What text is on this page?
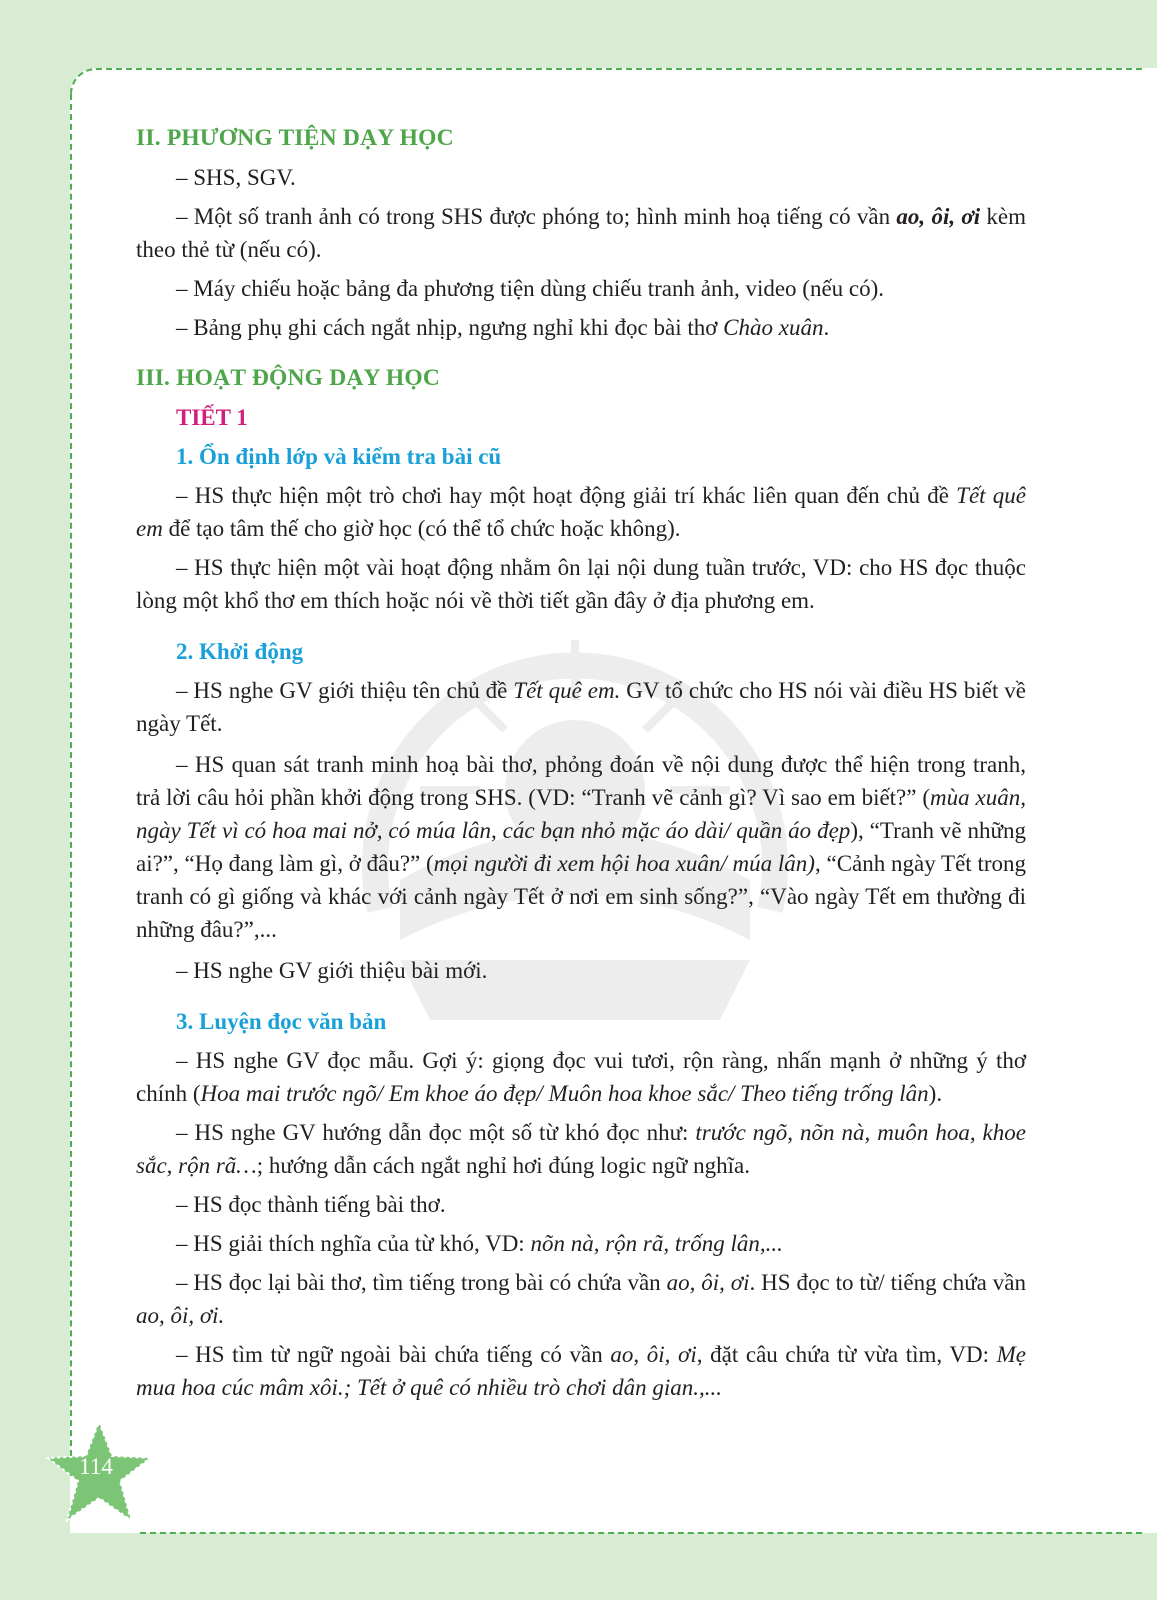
II. PHƯƠNG TIỆN DẠY HỌC

– SHS, SGV.

– Một số tranh ảnh có trong SHS được phóng to; hình minh hoạ tiếng có vần ao, ôi, ơi kèm theo thẻ từ (nếu có).

– Máy chiếu hoặc bảng đa phương tiện dùng chiếu tranh ảnh, video (nếu có).

– Bảng phụ ghi cách ngắt nhịp, ngưng nghỉ khi đọc bài thơ Chào xuân.

III. HOẠT ĐỘNG DẠY HỌC
TIẾT 1
1. Ổn định lớp và kiểm tra bài cũ

– HS thực hiện một trò chơi hay một hoạt động giải trí khác liên quan đến chủ đề Tết quê em để tạo tâm thế cho giờ học (có thể tổ chức hoặc không).

– HS thực hiện một vài hoạt động nhằm ôn lại nội dung tuần trước, VD: cho HS đọc thuộc lòng một khổ thơ em thích hoặc nói về thời tiết gần đây ở địa phương em.

2. Khởi động

– HS nghe GV giới thiệu tên chủ đề Tết quê em. GV tổ chức cho HS nói vài điều HS biết về ngày Tết.

– HS quan sát tranh minh hoạ bài thơ, phỏng đoán về nội dung được thể hiện trong tranh, trả lời câu hỏi phần khởi động trong SHS. (VD: “Tranh vẽ cảnh gì? Vì sao em biết?” (mùa xuân, ngày Tết vì có hoa mai nở, có múa lân, các bạn nhỏ mặc áo dài/ quần áo đẹp), “Tranh vẽ những ai?”, “Họ đang làm gì, ở đâu?” (mọi người đi xem hội hoa xuân/ múa lân), “Cảnh ngày Tết trong tranh có gì giống và khác với cảnh ngày Tết ở nơi em sinh sống?”, “Vào ngày Tết em thường đi những đâu?”,...

– HS nghe GV giới thiệu bài mới.

3. Luyện đọc văn bản

– HS nghe GV đọc mẫu. Gợi ý: giọng đọc vui tươi, rộn ràng, nhấn mạnh ở những ý thơ chính (Hoa mai trước ngõ/ Em khoe áo đẹp/ Muôn hoa khoe sắc/ Theo tiếng trống lân).

– HS nghe GV hướng dẫn đọc một số từ khó đọc như: trước ngõ, nõn nà, muôn hoa, khoe sắc, rộn rã…; hướng dẫn cách ngắt nghỉ hơi đúng logic ngữ nghĩa.

– HS đọc thành tiếng bài thơ.

– HS giải thích nghĩa của từ khó, VD: nõn nà, rộn rã, trống lân,...

– HS đọc lại bài thơ, tìm tiếng trong bài có chứa vần ao, ôi, ơi. HS đọc to từ/ tiếng chứa vần ao, ôi, ơi.

– HS tìm từ ngữ ngoài bài chứa tiếng có vần ao, ôi, ơi, đặt câu chứa từ vừa tìm, VD: Mẹ mua hoa cúc mâm xôi.; Tết ở quê có nhiều trò chơi dân gian.,...

114
